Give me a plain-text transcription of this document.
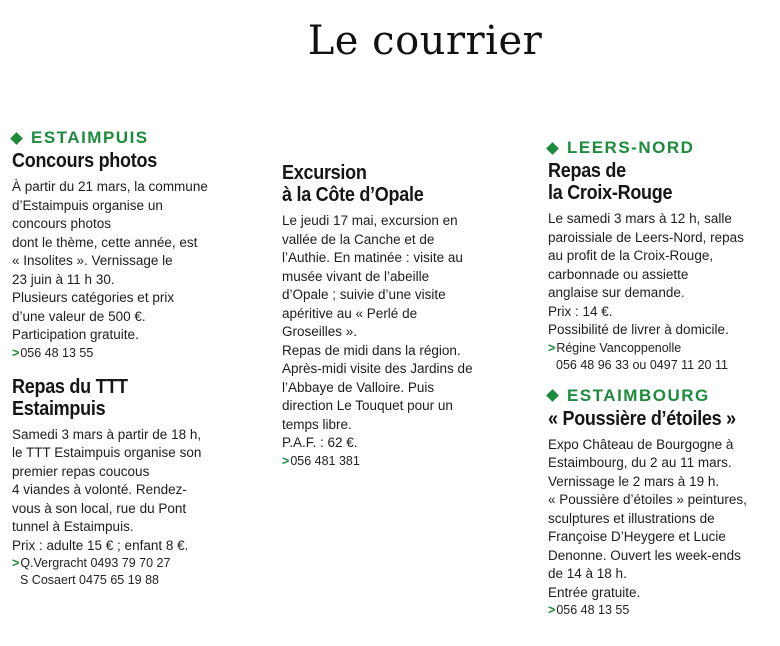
Le courrier
ESTAIMPUIS
Concours photos
À partir du 21 mars, la commune
d’Estaimpuis organise un
concours photos
dont le thème, cette année, est
« Insolites ». Vernissage le
23 juin à 11 h 30.
Plusieurs catégories et prix
d’une valeur de 500 €.
Participation gratuite.
>056 48 13 55
Repas du TTT
Estaimpuis
Samedi 3 mars à partir de 18 h,
le TTT Estaimpuis organise son
premier repas coucous
4 viandes à volonté. Rendez-
vous à son local, rue du Pont
tunnel à Estaimpuis.
Prix : adulte 15 € ; enfant 8 €.
>Q.Vergracht 0493 79 70 27
S Cosaert 0475 65 19 88
Excursion
à la Côte d’Opale
Le jeudi 17 mai, excursion en
vallée de la Canche et de
l’Authie. En matinée : visite au
musée vivant de l’abeille
d’Opale ; suivie d’une visite
apéritive au « Perlé de
Groseilles ».
Repas de midi dans la région.
Après-midi visite des Jardins de
l’Abbaye de Valloire. Puis
direction Le Touquet pour un
temps libre.
P.A.F. : 62 €.
>056 481 381
LEERS-NORD
Repas de
la Croix-Rouge
Le samedi 3 mars à 12 h, salle
paroissiale de Leers-Nord, repas
au profit de la Croix-Rouge,
carbonnade ou assiette
anglaise sur demande.
Prix : 14 €.
Possibilité de livrer à domicile.
>Régine Vancoppenolle
056 48 96 33 ou 0497 11 20 11
ESTAIMBOURG
« Poussière d’étoiles »
Expo Château de Bourgogne à
Estaimbourg, du 2 au 11 mars.
Vernissage le 2 mars à 19 h.
« Poussière d’étoiles » peintures,
sculptures et illustrations de
Françoise D’Heygere et Lucie
Denonne. Ouvert les week-ends
de 14 à 18 h.
Entrée gratuite.
>056 48 13 55
